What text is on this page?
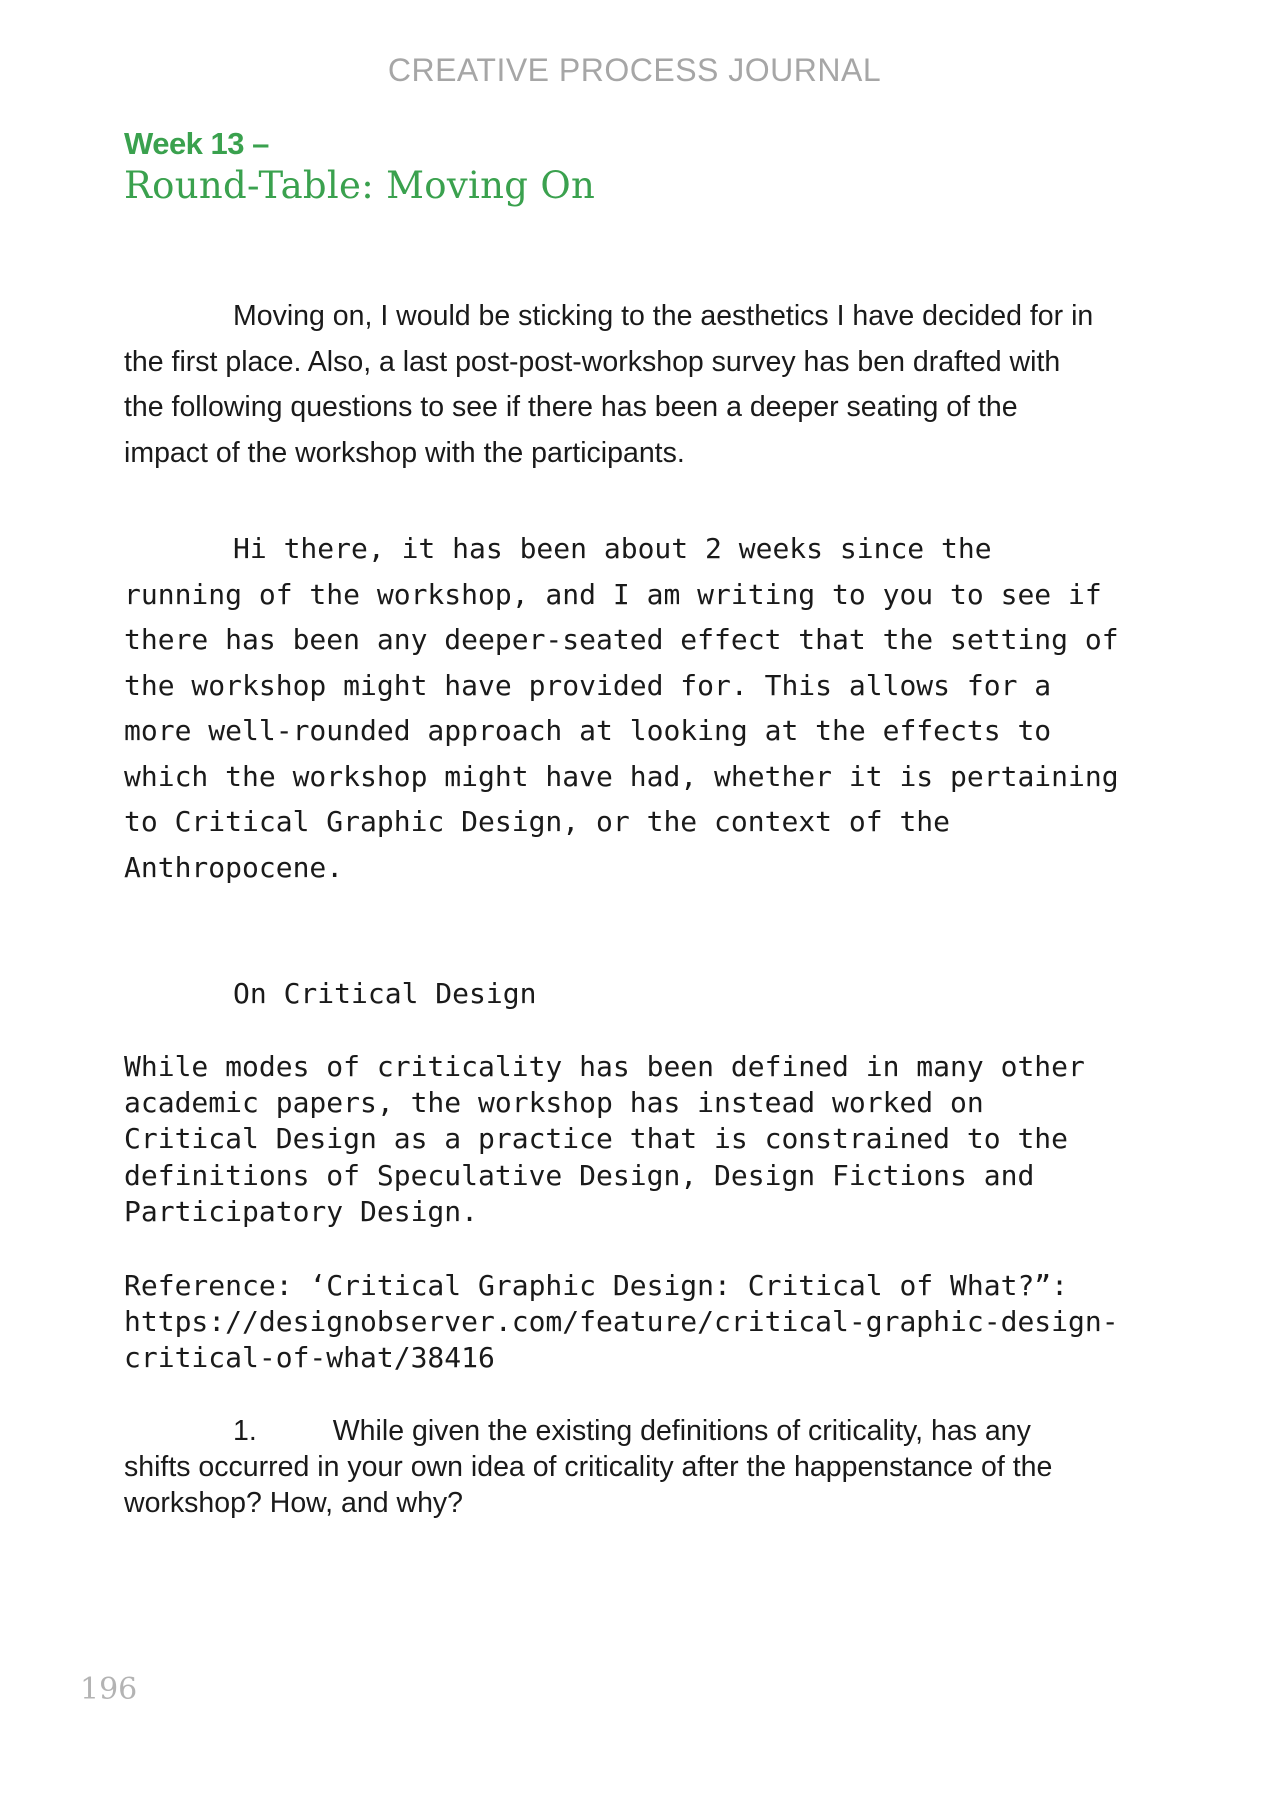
CREATIVE PROCESS JOURNAL
Week 13 –
Round-Table: Moving On

Moving on, I would be sticking to the aesthetics I have decided for in the first place. Also, a last post-post-workshop survey has ben drafted with the following questions to see if there has been a deeper seating of the impact of the workshop with the participants.

Hi there, it has been about 2 weeks since the running of the workshop, and I am writing to you to see if there has been any deeper-seated effect that the setting of the workshop might have provided for. This allows for a more well-rounded approach at looking at the effects to which the workshop might have had, whether it is pertaining to Critical Graphic Design, or the context of the Anthropocene.

On Critical Design

While modes of criticality has been defined in many other academic papers, the workshop has instead worked on Critical Design as a practice that is constrained to the definitions of Speculative Design, Design Fictions and Participatory Design.

Reference: ‘Critical Graphic Design: Critical of What?”: https://designobserver.com/feature/critical-graphic-design-critical-of-what/38416

1.	While given the existing definitions of criticality, has any shifts occurred in your own idea of criticality after the happenstance of the workshop? How, and why?

196
